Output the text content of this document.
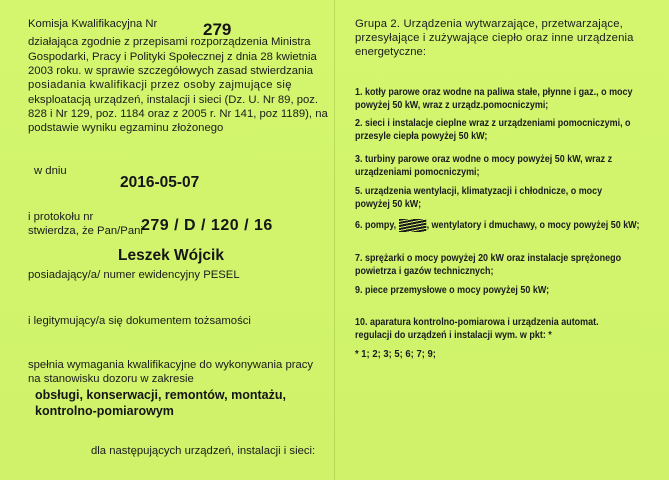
Komisja Kwalifikacyjna Nr	279
działająca zgodnie z przepisami rozporządzenia Ministra
Gospodarki, Pracy i Polityki Społecznej z dnia 28 kwietnia
2003 roku. w sprawie szczegółowych zasad stwierdzania
posiadania kwalifikacji przez osoby zajmujące się
eksploatacją urządzeń, instalacji i sieci (Dz. U. Nr 89, poz.
828 i Nr 129, poz. 1184 oraz z 2005 r. Nr 141, poz 1189), na
podstawie wyniku egzaminu złożonego
w dniu
2016-05-07
i protokołu nr
stwierdza, że Pan/Pani
279 / D / 120 / 16
Leszek Wójcik
posiadający/a/ numer ewidencyjny PESEL
i legitymujący/a się dokumentem tożsamości
spełnia wymagania kwalifikacyjne do wykonywania pracy
na stanowisku dozoru w zakresie
obsługi, konserwacji, remontów, montażu,
kontrolno-pomiarowym
dla następujących urządzeń, instalacji i sieci:
Grupa 2. Urządzenia wytwarzające, przetwarzające,
przesyłające i zużywające ciepło oraz inne urządzenia
energetyczne:
1. kotły parowe oraz wodne na paliwa stałe, płynne i gaz., o mocy
powyżej 50 kW, wraz z urządz.pomocniczymi;
2. sieci i instalacje cieplne wraz z urządzeniami pomocniczymi, o
przesyle ciepła powyżej 50 kW;
3. turbiny parowe oraz wodne o mocy powyżej 50 kW, wraz z
urządzeniami pomocniczymi;
5. urządzenia wentylacji, klimatyzacji i chłodnicze, o mocy
powyżej 50 kW;
6. pompy,	, wentylatory i dmuchawy, o mocy powyżej 50 kW;
7. sprężarki o mocy powyżej 20 kW oraz instalacje sprężonego
powietrza i gazów technicznych;
9. piece przemysłowe o mocy powyżej 50 kW;
10. aparatura kontrolno-pomiarowa i urządzenia automat.
regulacji do urządzeń i instalacji wym. w pkt: *
* 1; 2; 3; 5; 6; 7; 9;
